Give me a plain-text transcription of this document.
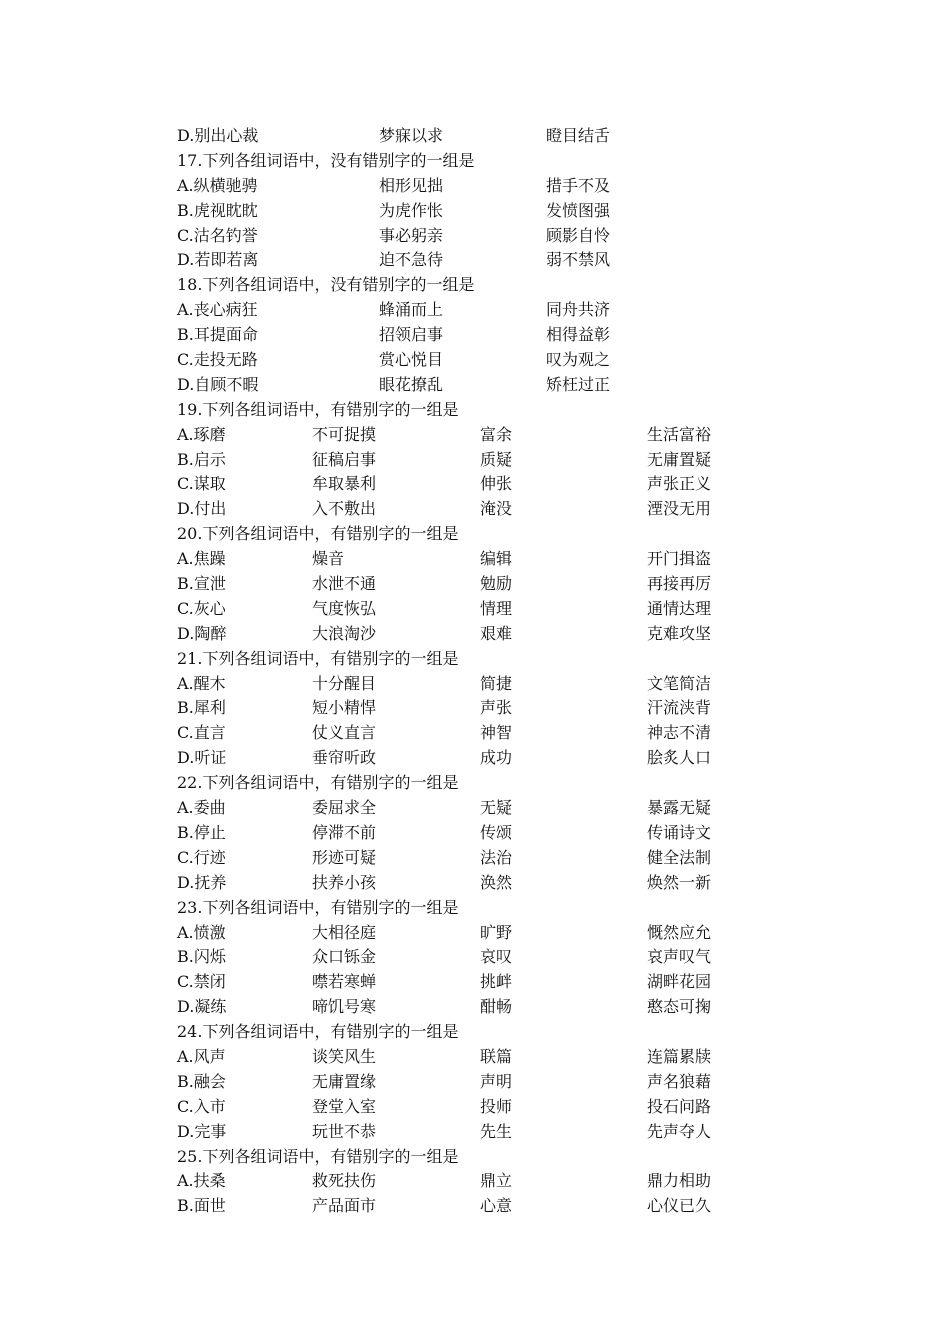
D.别出心裁	梦寐以求	瞪目结舌
17.下列各组词语中，没有错别字的一组是
A.纵横驰骋	相形见拙	措手不及
B.虎视眈眈	为虎作怅	发愤图强
C.沽名钓誉	事必躬亲	顾影自怜
D.若即若离	迫不急待	弱不禁风
18.下列各组词语中，没有错别字的一组是
A.丧心病狂	蜂涌而上	同舟共济
B.耳提面命	招领启事	相得益彰
C.走投无路	赏心悦目	叹为观之
D.自顾不暇	眼花撩乱	矫枉过正
19.下列各组词语中，有错别字的一组是
A.琢磨	不可捉摸	富余	生活富裕
B.启示	征稿启事	质疑	无庸置疑
C.谋取	牟取暴利	伸张	声张正义
D.付出	入不敷出	淹没	湮没无用
20.下列各组词语中，有错别字的一组是
A.焦躁	燥音	编辑	开门揖盗
B.宣泄	水泄不通	勉励	再接再厉
C.灰心	气度恢弘	情理	通情达理
D.陶醉	大浪淘沙	艰难	克难攻坚
21.下列各组词语中，有错别字的一组是
A.醒木	十分醒目	简捷	文笔简洁
B.犀利	短小精悍	声张	汗流浃背
C.直言	仗义直言	神智	神志不清
D.听证	垂帘听政	成功	脍炙人口
22.下列各组词语中，有错别字的一组是
A.委曲	委屈求全	无疑	暴露无疑
B.停止	停滞不前	传颂	传诵诗文
C.行迹	形迹可疑	法治	健全法制
D.抚养	扶养小孩	涣然	焕然一新
23.下列各组词语中，有错别字的一组是
A.愤激	大相径庭	旷野	慨然应允
B.闪烁	众口铄金	哀叹	哀声叹气
C.禁闭	噤若寒蝉	挑衅	湖畔花园
D.凝练	啼饥号寒	酣畅	憨态可掬
24.下列各组词语中，有错别字的一组是
A.风声	谈笑风生	联篇	连篇累牍
B.融会	无庸置缘	声明	声名狼藉
C.入市	登堂入室	投师	投石问路
D.完事	玩世不恭	先生	先声夺人
25.下列各组词语中，有错别字的一组是
A.扶桑	救死扶伤	鼎立	鼎力相助
B.面世	产品面市	心意	心仪已久
